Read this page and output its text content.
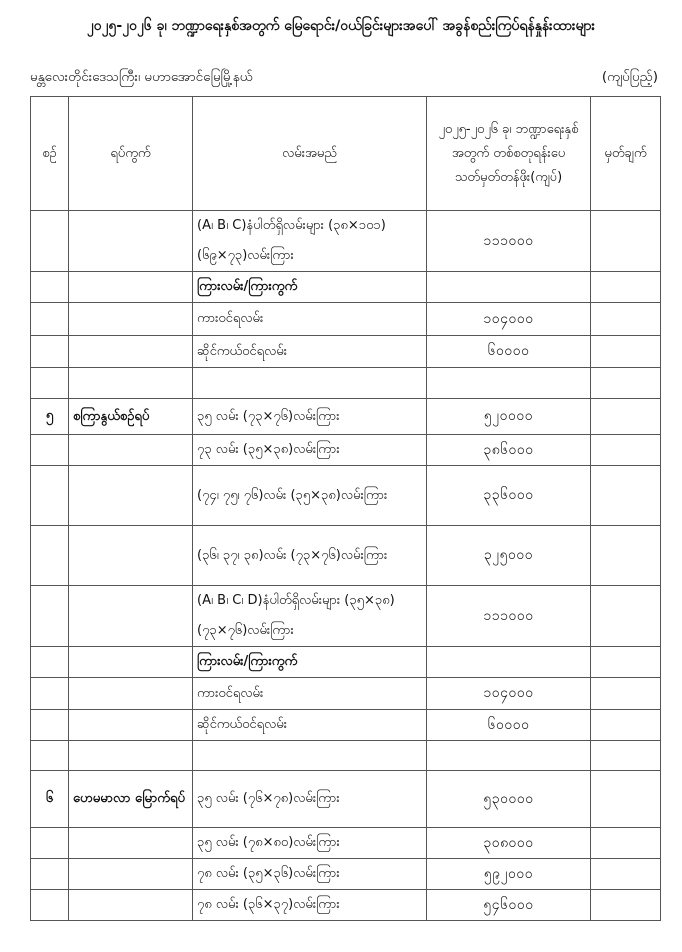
၂၀၂၅-၂၀၂၆ ခု၊ ဘဏ္ဍာရေးနှစ်အတွက် မြေရောင်း/ဝယ်ခြင်းများအပေါ် အခွန်စည်းကြပ်ရန်နှုန်းထားများ
မန္တလေးတိုင်းဒေသကြီး၊ မဟာအောင်မြေမြို့နယ်	(ကျပ်ပြည့်)
စဉ်	ရပ်ကွက်	လမ်းအမည်	၂၀၂၅-၂၀၂၆ ခု၊ ဘဏ္ဍာရေးနှစ်အတွက် တစ်စတုရန်းပေ သတ်မှတ်တန်ဖိုး(ကျပ်)	မှတ်ချက်
		(A၊ B၊ C)နံပါတ်ရှိလမ်းများ (၃၈×၁၀၁)(၆၉×၇၃)လမ်းကြား	၁၁၁၀၀၀	
		ကြားလမ်း/ကြားကွက်		
		ကားဝင်ရလမ်း	၁၀၄၀၀၀	
		ဆိုင်ကယ်ဝင်ရလမ်း	၆၀၀၀၀	

၅	စကြာနွယ်စဉ်ရပ်	၃၅ လမ်း (၇၃×၇၆)လမ်းကြား	၅၂၀၀၀၀	
		၇၃ လမ်း (၃၅×၃၈)လမ်းကြား	၃၈၆၀၀၀	
		(၇၄၊ ၇၅၊ ၇၆)လမ်း (၃၅×၃၈)လမ်းကြား	၃၃၆၀၀၀	
		(၃၆၊ ၃၇၊ ၃၈)လမ်း (၇၃×၇၆)လမ်းကြား	၃၂၅၀၀၀	
		(A၊ B၊ C၊ D)နံပါတ်ရှိလမ်းများ (၃၅×၃၈) (၇၃×၇၆)လမ်းကြား	၁၁၁၀၀၀	
		ကြားလမ်း/ကြားကွက်		
		ကားဝင်ရလမ်း	၁၀၄၀၀၀	
		ဆိုင်ကယ်ဝင်ရလမ်း	၆၀၀၀၀	

၆	ဟေမမာလာ မြောက်ရပ်	၃၅ လမ်း (၇၆×၇၈)လမ်းကြား	၅၃၀၀၀၀	
		၃၅ လမ်း (၇၈×၈၀)လမ်းကြား	၃၀၈၀၀၀	
		၇၈ လမ်း (၃၅×၃၆)လမ်းကြား	၅၉၂၀၀၀	
		၇၈ လမ်း (၃၆×၃၇)လမ်းကြား	၅၄၆၀၀၀	
